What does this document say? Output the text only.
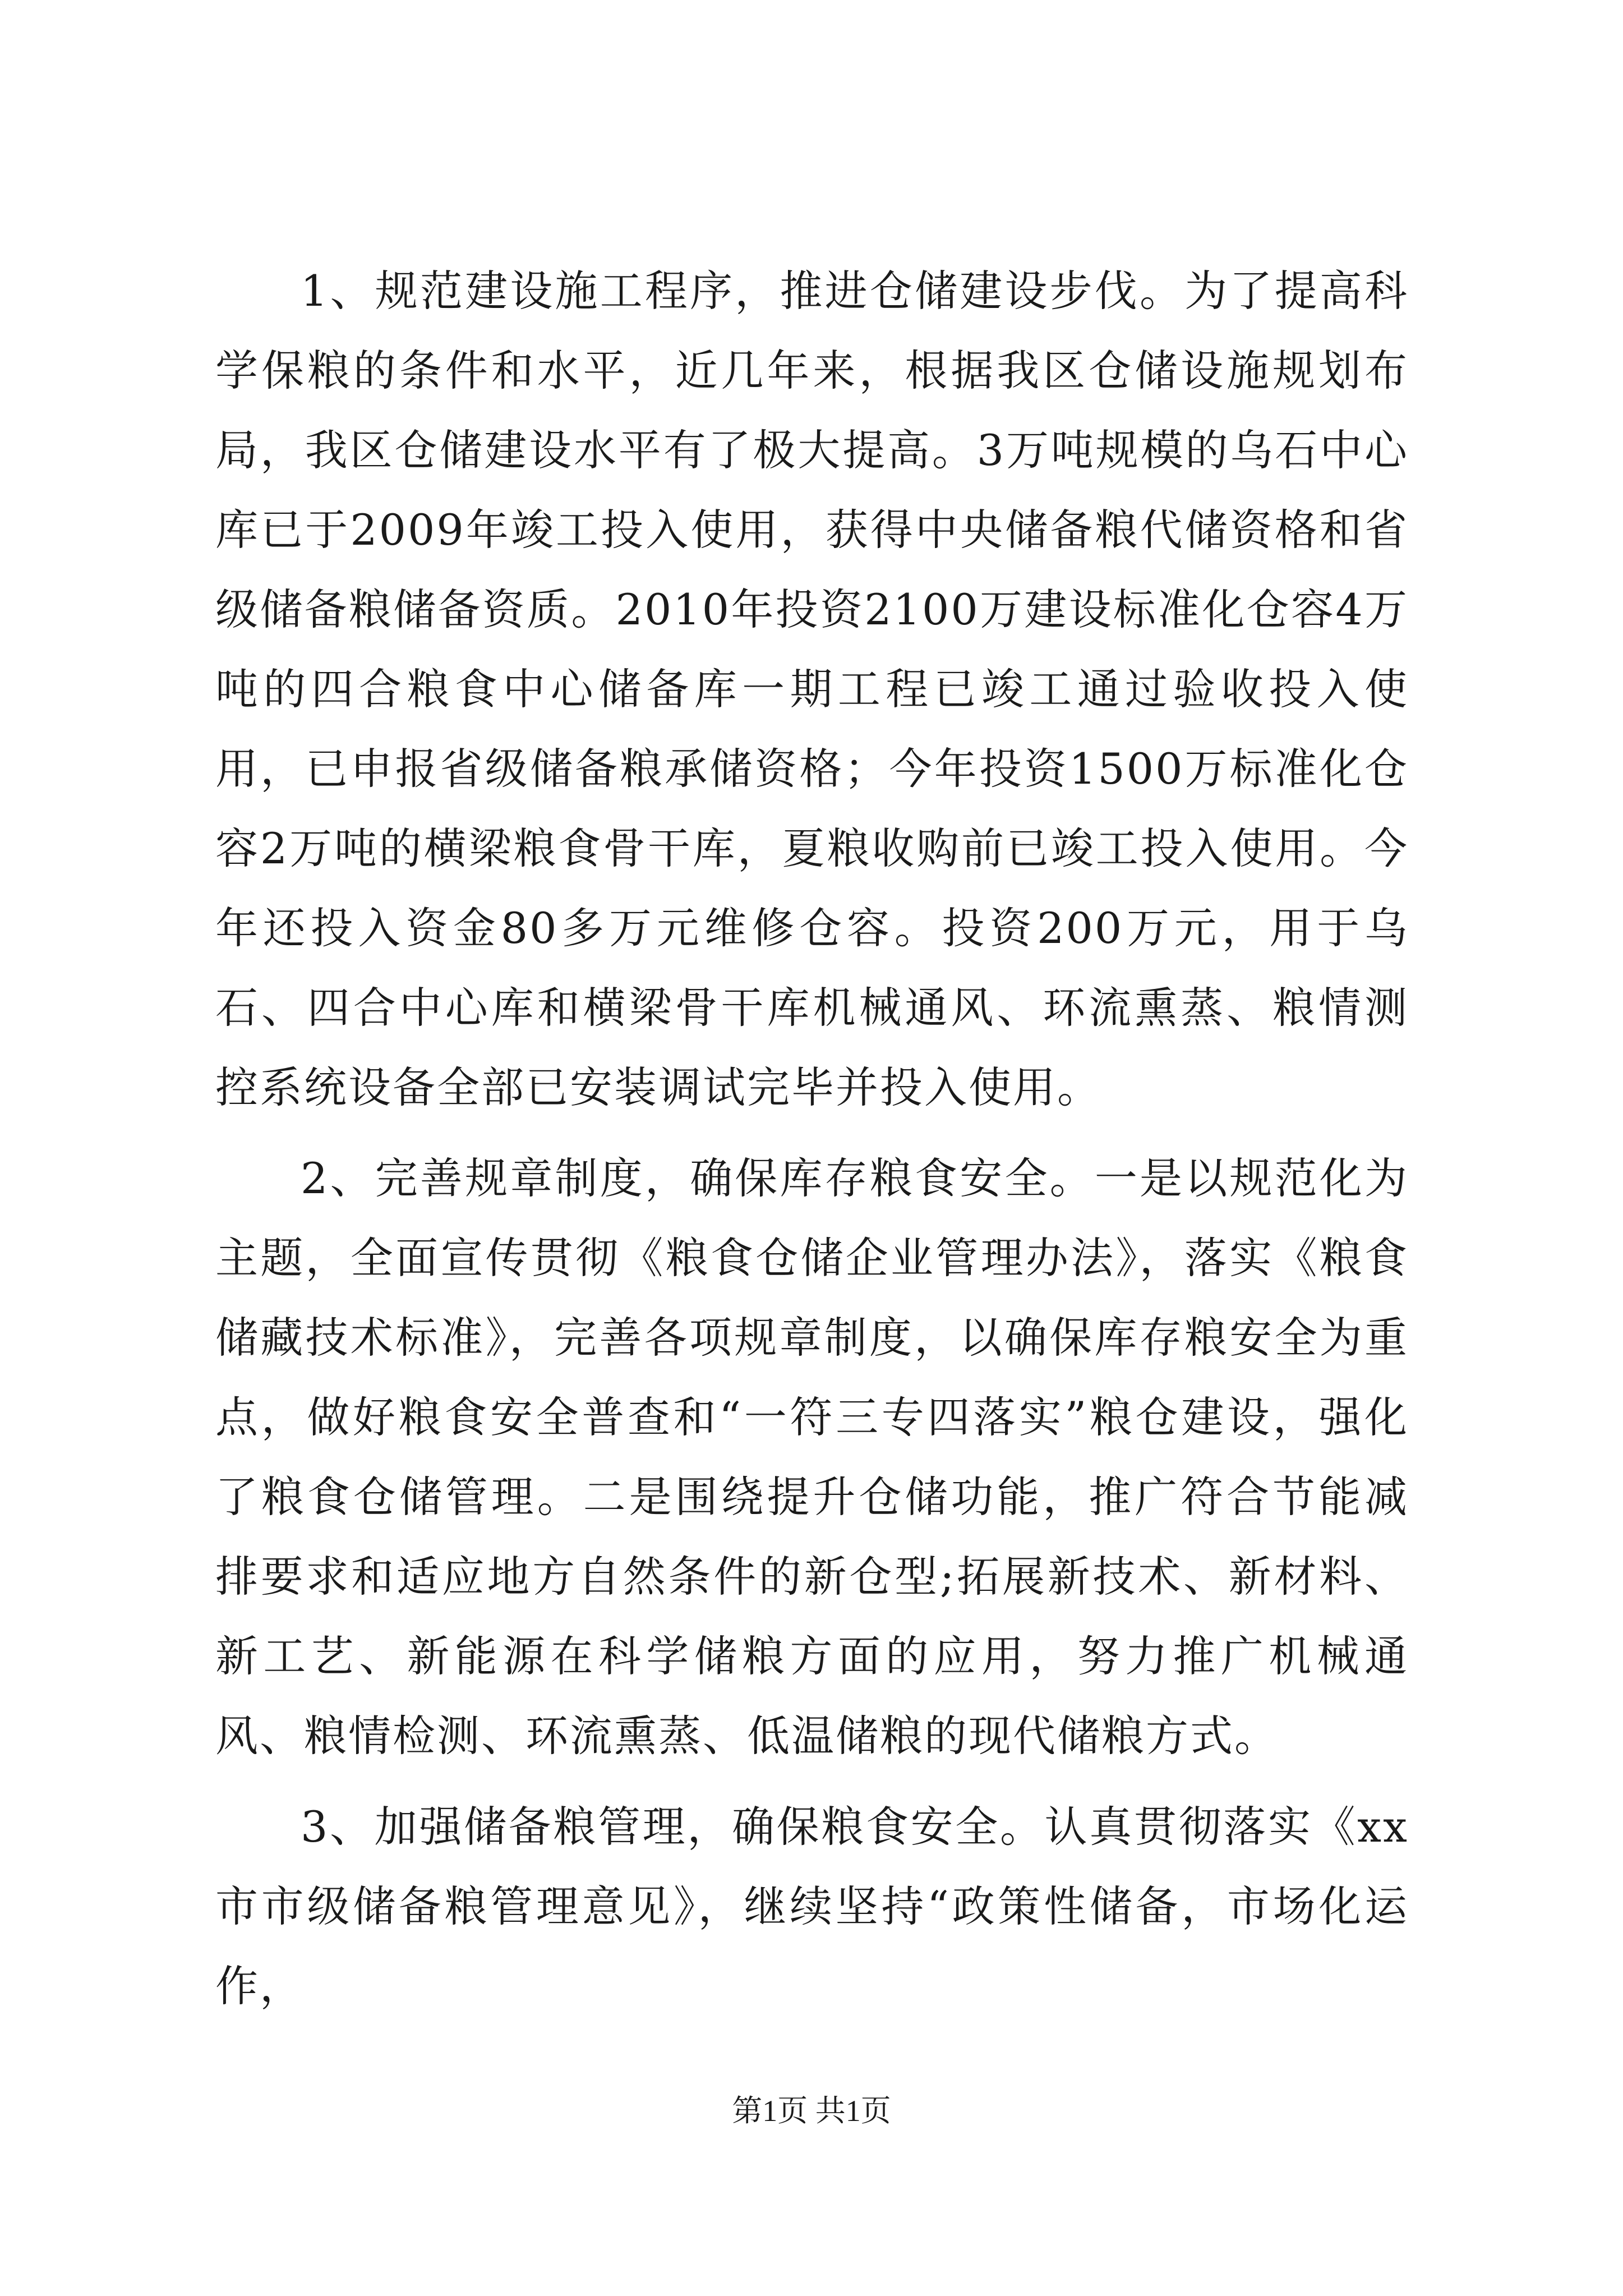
1、规范建设施工程序，推进仓储建设步伐。为了提高科学保粮的条件和水平，近几年来，根据我区仓储设施规划布局，我区仓储建设水平有了极大提高。3万吨规模的乌石中心库已于2009年竣工投入使用，获得中央储备粮代储资格和省级储备粮储备资质。2010年投资2100万建设标准化仓容4万吨的四合粮食中心储备库一期工程已竣工通过验收投入使用，已申报省级储备粮承储资格；今年投资1500万标准化仓容2万吨的横梁粮食骨干库，夏粮收购前已竣工投入使用。今年还投入资金80多万元维修仓容。投资200万元，用于乌石、四合中心库和横梁骨干库机械通风、环流熏蒸、粮情测控系统设备全部已安装调试完毕并投入使用。

2、完善规章制度，确保库存粮食安全。一是以规范化为主题，全面宣传贯彻《粮食仓储企业管理办法》，落实《粮食储藏技术标准》，完善各项规章制度，以确保库存粮安全为重点，做好粮食安全普查和“一符三专四落实”粮仓建设，强化了粮食仓储管理。二是围绕提升仓储功能，推广符合节能减排要求和适应地方自然条件的新仓型;拓展新技术、新材料、新工艺、新能源在科学储粮方面的应用，努力推广机械通风、粮情检测、环流熏蒸、低温储粮的现代储粮方式。

3、加强储备粮管理，确保粮食安全。认真贯彻落实《xx市市级储备粮管理意见》，继续坚持“政策性储备，市场化运作，

第1页 共1页
